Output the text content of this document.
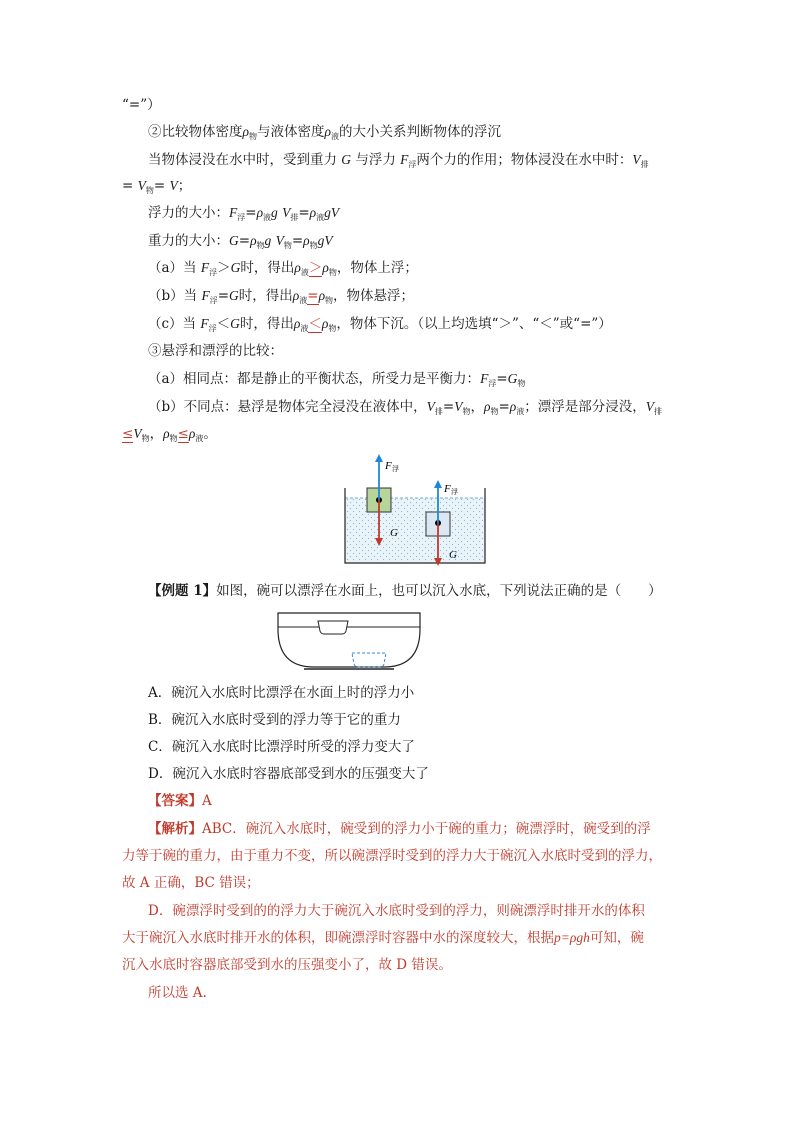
“=”）
②比较物体密度$\rho_物$与液体密度$\rho_液$的大小关系判断物体的浮沉
当物体浸没在水中时，受到重力 G 与浮力 $F_浮$两个力的作用；物体浸没在水中时：$V_排$
= $V_物= V$；
浮力的大小：$F_浮=\rho_液g$ $V_排=\rho_液gV$
重力的大小：$G=\rho_物g$ $V_物=\rho_物gV$
（a）当 $F_浮>G$时，得出$\rho_液>\rho_物$，物体上浮；
（b）当 $F_浮=G$时，得出$\rho_液=\rho_物$，物体悬浮；
（c）当 $F_浮<G$时，得出$\rho_液<\rho_物$，物体下沉。（以上均选填“＞”、“＜”或“=”）
③悬浮和漂浮的比较：
（a）相同点：都是静止的平衡状态，所受力是平衡力：$F_浮=G_物$
（b）不同点：悬浮是物体完全浸没在液体中，$V_排=V_物$，$\rho_物=\rho_液$；漂浮是部分浸没，$V_排$
$\le V_物$，$\rho_物\le\rho_液$。
F 浮
G
F 浮
G
【例题 1】如图，碗可以漂浮在水面上，也可以沉入水底，下列说法正确的是（　　）
A．碗沉入水底时比漂浮在水面上时的浮力小
B．碗沉入水底时受到的浮力等于它的重力
C．碗沉入水底时比漂浮时所受的浮力变大了
D．碗沉入水底时容器底部受到水的压强变大了
【答案】A
【解析】ABC．碗沉入水底时，碗受到的浮力小于碗的重力；碗漂浮时，碗受到的浮
力等于碗的重力，由于重力不变，所以碗漂浮时受到的浮力大于碗沉入水底时受到的浮力，
故 A 正确，BC 错误；
D．碗漂浮时受到的的浮力大于碗沉入水底时受到的浮力，则碗漂浮时排开水的体积
大于碗沉入水底时排开水的体积，即碗漂浮时容器中水的深度较大，根据p=ρgh可知，碗
沉入水底时容器底部受到水的压强变小了，故 D 错误。
所以选 A.
